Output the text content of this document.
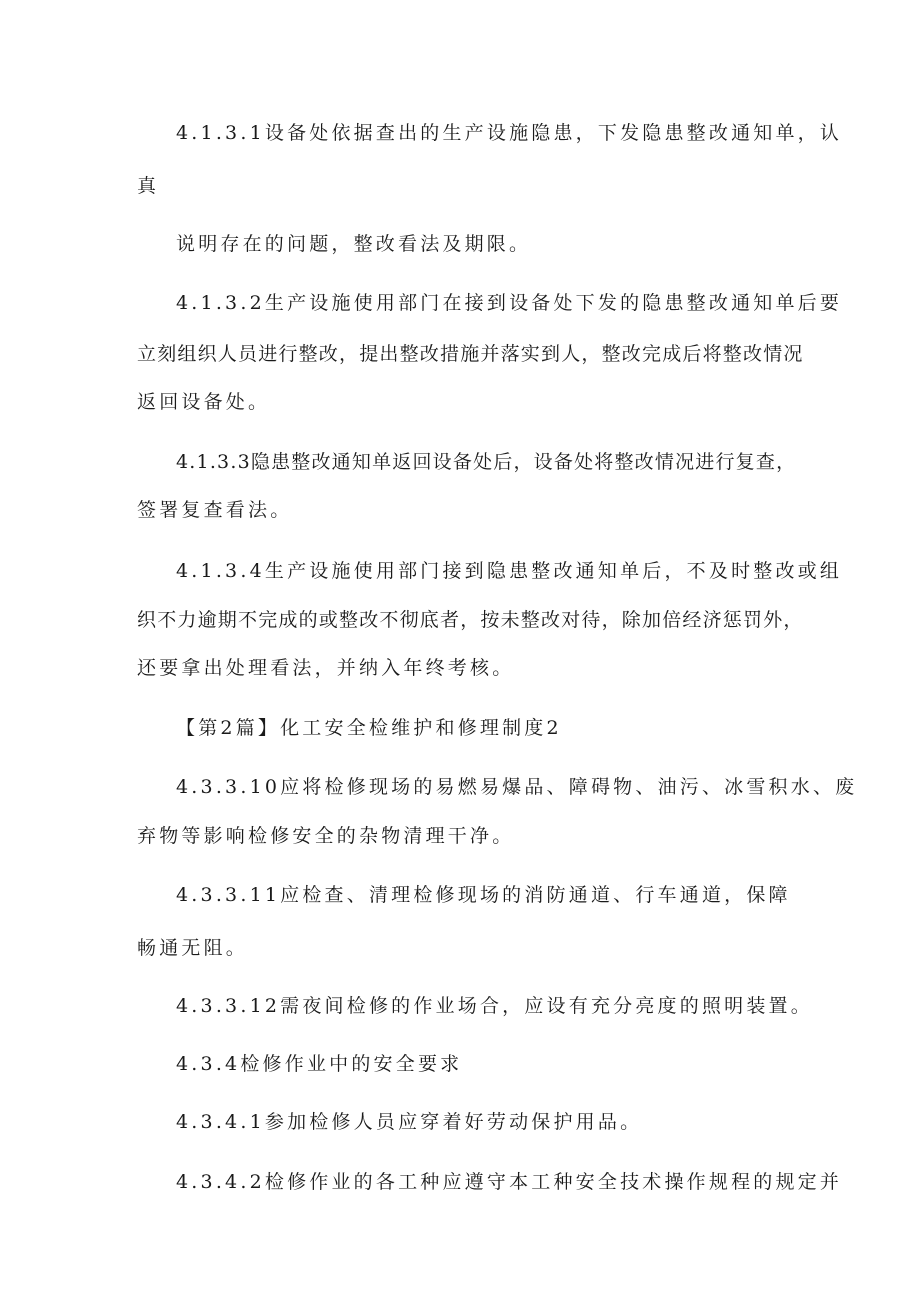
4.1.3.1设备处依据查出的生产设施隐患，下发隐患整改通知单，认
真
说明存在的问题，整改看法及期限。
4.1.3.2生产设施使用部门在接到设备处下发的隐患整改通知单后要
立刻组织人员进行整改，提出整改措施并落实到人，整改完成后将整改情况
返回设备处。
4.1.3.3隐患整改通知单返回设备处后，设备处将整改情况进行复查，
签署复查看法。
4.1.3.4生产设施使用部门接到隐患整改通知单后，不及时整改或组
织不力逾期不完成的或整改不彻底者，按未整改对待，除加倍经济惩罚外，
还要拿出处理看法，并纳入年终考核。
【第2篇】化工安全检维护和修理制度2
4.3.3.10应将检修现场的易燃易爆品、障碍物、油污、冰雪积水、废
弃物等影响检修安全的杂物清理干净。
4.3.3.11应检查、清理检修现场的消防通道、行车通道，保障
畅通无阻。
4.3.3.12需夜间检修的作业场合，应设有充分亮度的照明装置。
4.3.4检修作业中的安全要求
4.3.4.1参加检修人员应穿着好劳动保护用品。
4.3.4.2检修作业的各工种应遵守本工种安全技术操作规程的规定并
